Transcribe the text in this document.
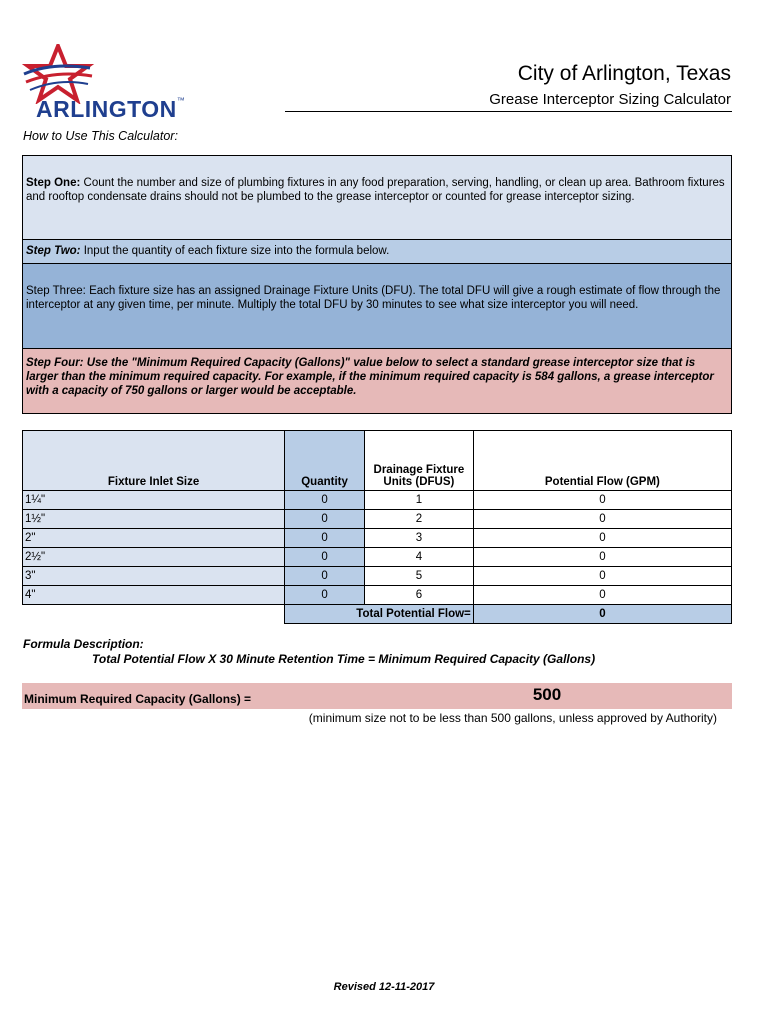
ARLINGTON™
City of Arlington, Texas
Grease Interceptor Sizing Calculator
How to Use This Calculator:
Step One: Count the number and size of plumbing fixtures in any food preparation, serving, handling, or clean up area. Bathroom fixtures and rooftop condensate drains should not be plumbed to the grease interceptor or counted for grease interceptor sizing.
Step Two: Input the quantity of each fixture size into the formula below.
Step Three: Each fixture size has an assigned Drainage Fixture Units (DFU). The total DFU will give a rough estimate of flow through the interceptor at any given time, per minute. Multiply the total DFU by 30 minutes to see what size interceptor you will need.
Step Four: Use the "Minimum Required Capacity (Gallons)" value below to select a standard grease interceptor size that is larger than the minimum required capacity. For example, if the minimum required capacity is 584 gallons, a grease interceptor with a capacity of 750 gallons or larger would be acceptable.
Fixture Inlet Size	Quantity	Drainage Fixture Units (DFUS)	Potential Flow (GPM)
1¼"	0	1	0
1½"	0	2	0
2"	0	3	0
2½"	0	4	0
3"	0	5	0
4"	0	6	0
	Total Potential Flow=		0
Formula Description:
Total Potential Flow X 30 Minute Retention Time = Minimum Required Capacity (Gallons)
Minimum Required Capacity (Gallons) =	500
(minimum size not to be less than 500 gallons, unless approved by Authority)
Revised 12-11-2017
